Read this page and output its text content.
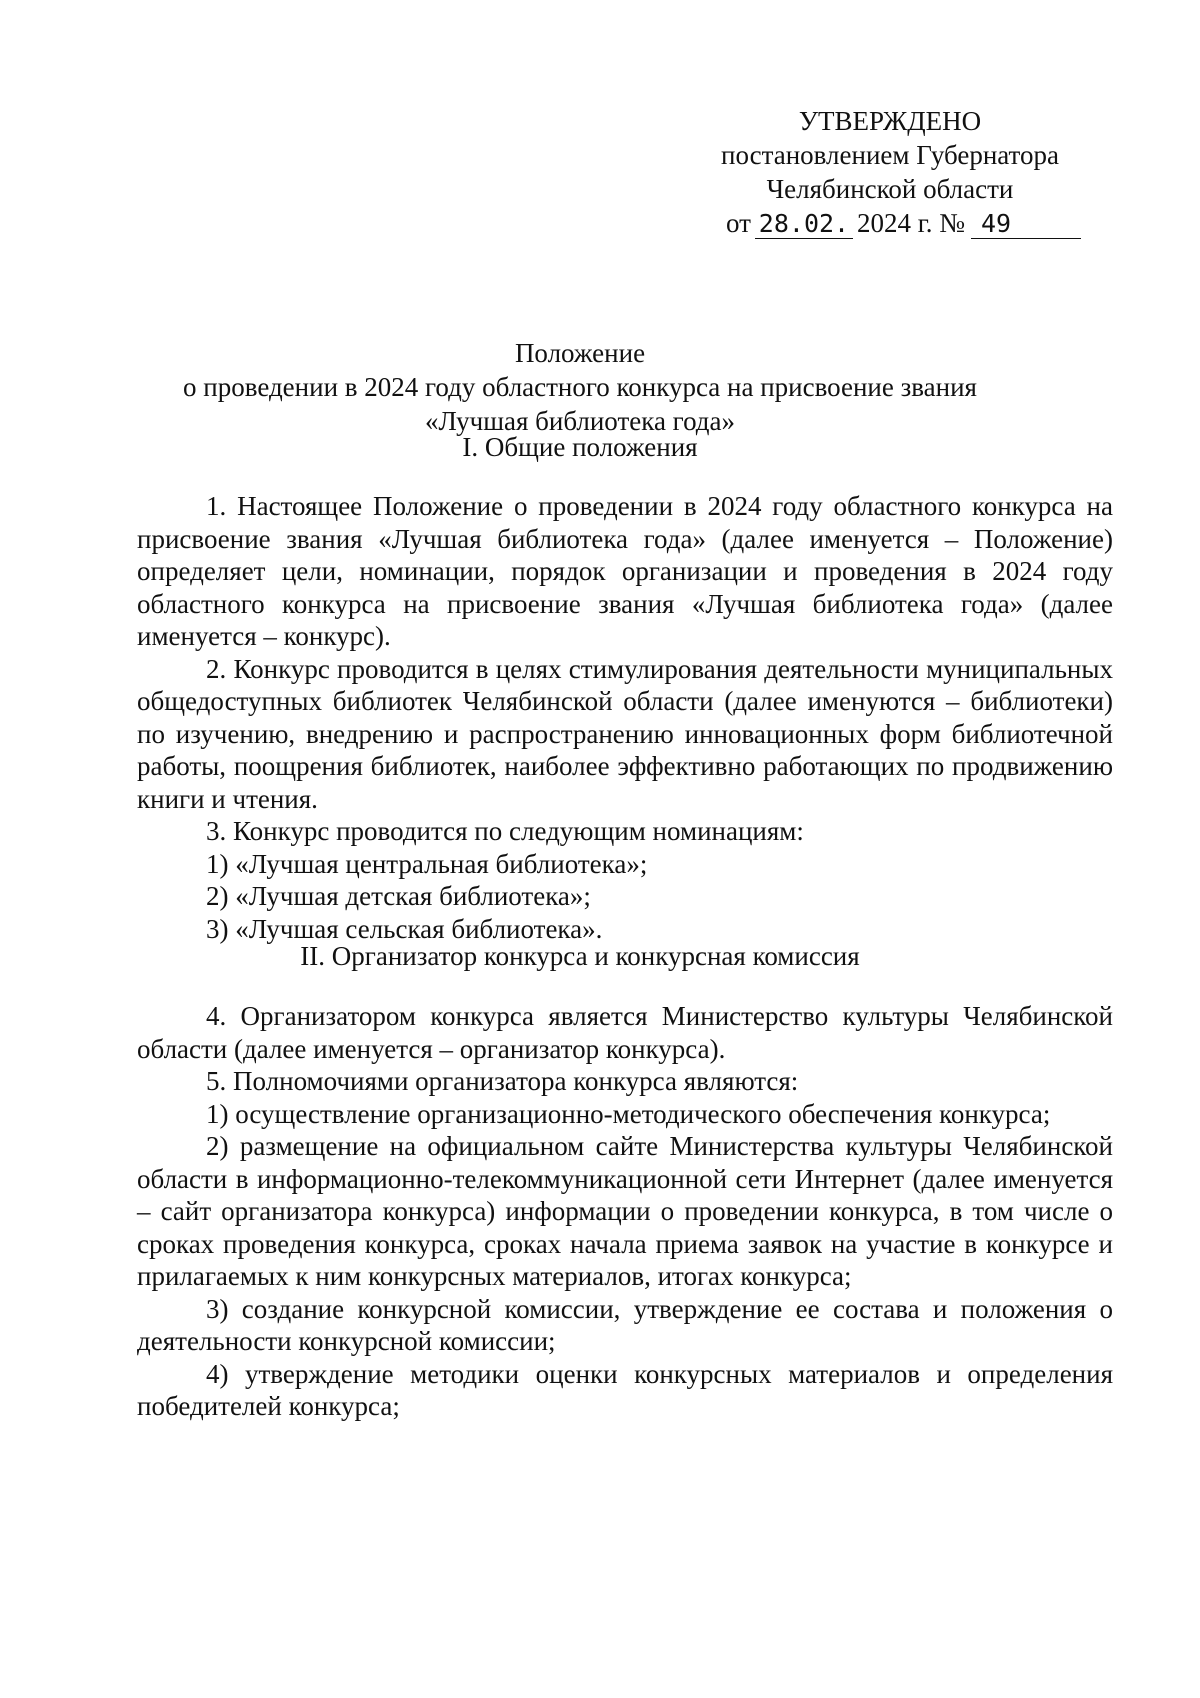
УТВЕРЖДЕНО
постановлением Губернатора
Челябинской области
от 28.02. 2024 г. № 49
Положение
о проведении в 2024 году областного конкурса на присвоение звания
«Лучшая библиотека года»
I. Общие положения

1. Настоящее Положение о проведении в 2024 году областного конкурса на присвоение звания «Лучшая библиотека года» (далее именуется – Положение) определяет цели, номинации, порядок организации и проведения в 2024 году областного конкурса на присвоение звания «Лучшая библиотека года» (далее именуется – конкурс).

2. Конкурс проводится в целях стимулирования деятельности муниципальных общедоступных библиотек Челябинской области (далее именуются – библиотеки) по изучению, внедрению и распространению инновационных форм библиотечной работы, поощрения библиотек, наиболее эффективно работающих по продвижению книги и чтения.

3. Конкурс проводится по следующим номинациям:

1) «Лучшая центральная библиотека»;

2) «Лучшая детская библиотека»;

3) «Лучшая сельская библиотека».

II. Организатор конкурса и конкурсная комиссия

4. Организатором конкурса является Министерство культуры Челябинской области (далее именуется – организатор конкурса).

5. Полномочиями организатора конкурса являются:

1) осуществление организационно-методического обеспечения конкурса;

2) размещение на официальном сайте Министерства культуры Челябинской области в информационно-телекоммуникационной сети Интернет (далее именуется – сайт организатора конкурса) информации о проведении конкурса, в том числе о сроках проведения конкурса, сроках начала приема заявок на участие в конкурсе и прилагаемых к ним конкурсных материалов, итогах конкурса;

3) создание конкурсной комиссии, утверждение ее состава и положения о деятельности конкурсной комиссии;

4) утверждение методики оценки конкурсных материалов и определения победителей конкурса;
